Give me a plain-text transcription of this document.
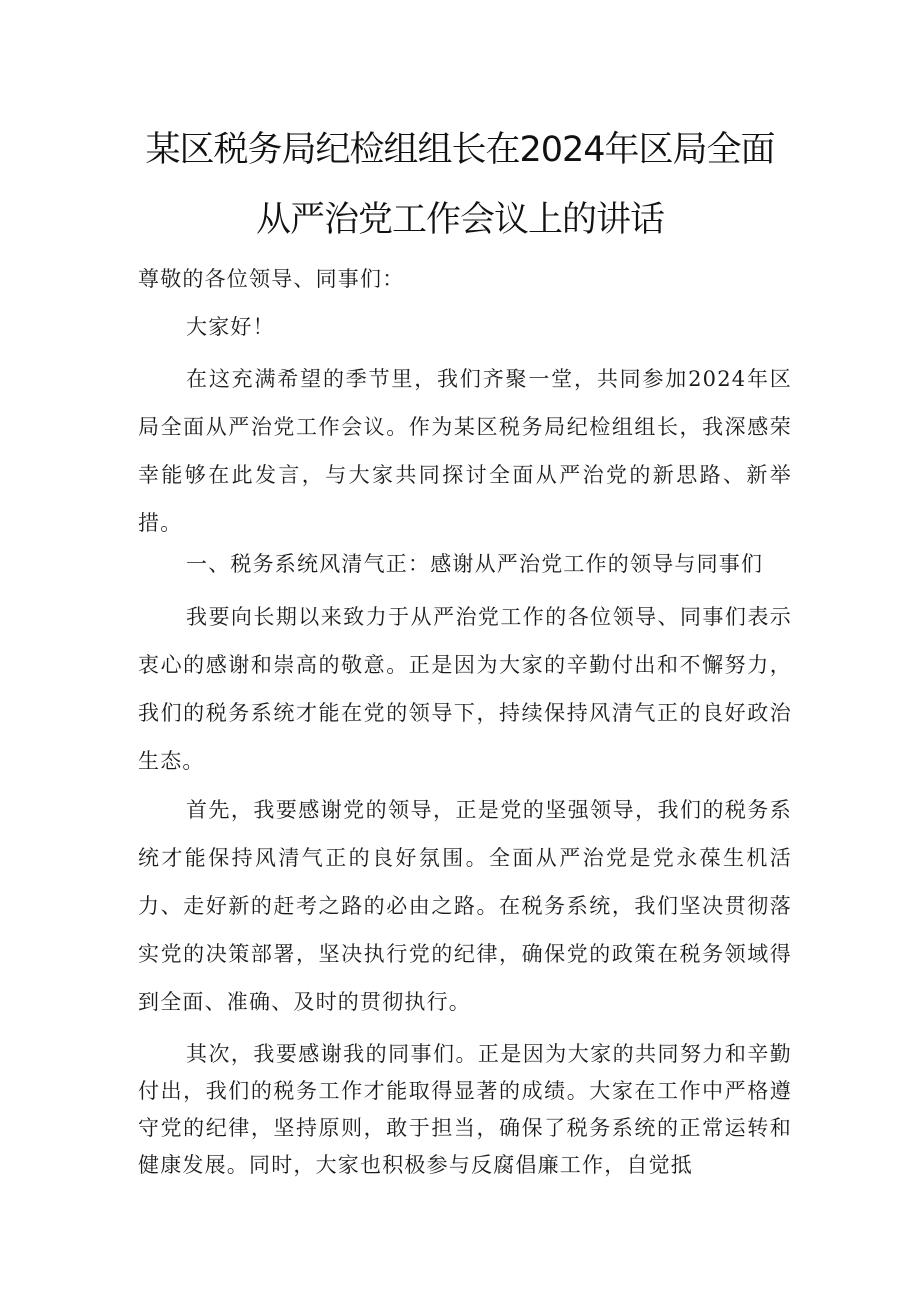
某区税务局纪检组组长在2024年区局全面
从严治党工作会议上的讲话

尊敬的各位领导、同事们：

大家好！

在这充满希望的季节里，我们齐聚一堂，共同参加2024年区局全面从严治党工作会议。作为某区税务局纪检组组长，我深感荣幸能够在此发言，与大家共同探讨全面从严治党的新思路、新举措。

一、税务系统风清气正：感谢从严治党工作的领导与同事们

我要向长期以来致力于从严治党工作的各位领导、同事们表示衷心的感谢和崇高的敬意。正是因为大家的辛勤付出和不懈努力，我们的税务系统才能在党的领导下，持续保持风清气正的良好政治生态。

首先，我要感谢党的领导，正是党的坚强领导，我们的税务系统才能保持风清气正的良好氛围。全面从严治党是党永葆生机活力、走好新的赶考之路的必由之路。在税务系统，我们坚决贯彻落实党的决策部署，坚决执行党的纪律，确保党的政策在税务领域得到全面、准确、及时的贯彻执行。

其次，我要感谢我的同事们。正是因为大家的共同努力和辛勤付出，我们的税务工作才能取得显著的成绩。大家在工作中严格遵守党的纪律，坚持原则，敢于担当，确保了税务系统的正常运转和健康发展。同时，大家也积极参与反腐倡廉工作，自觉抵
